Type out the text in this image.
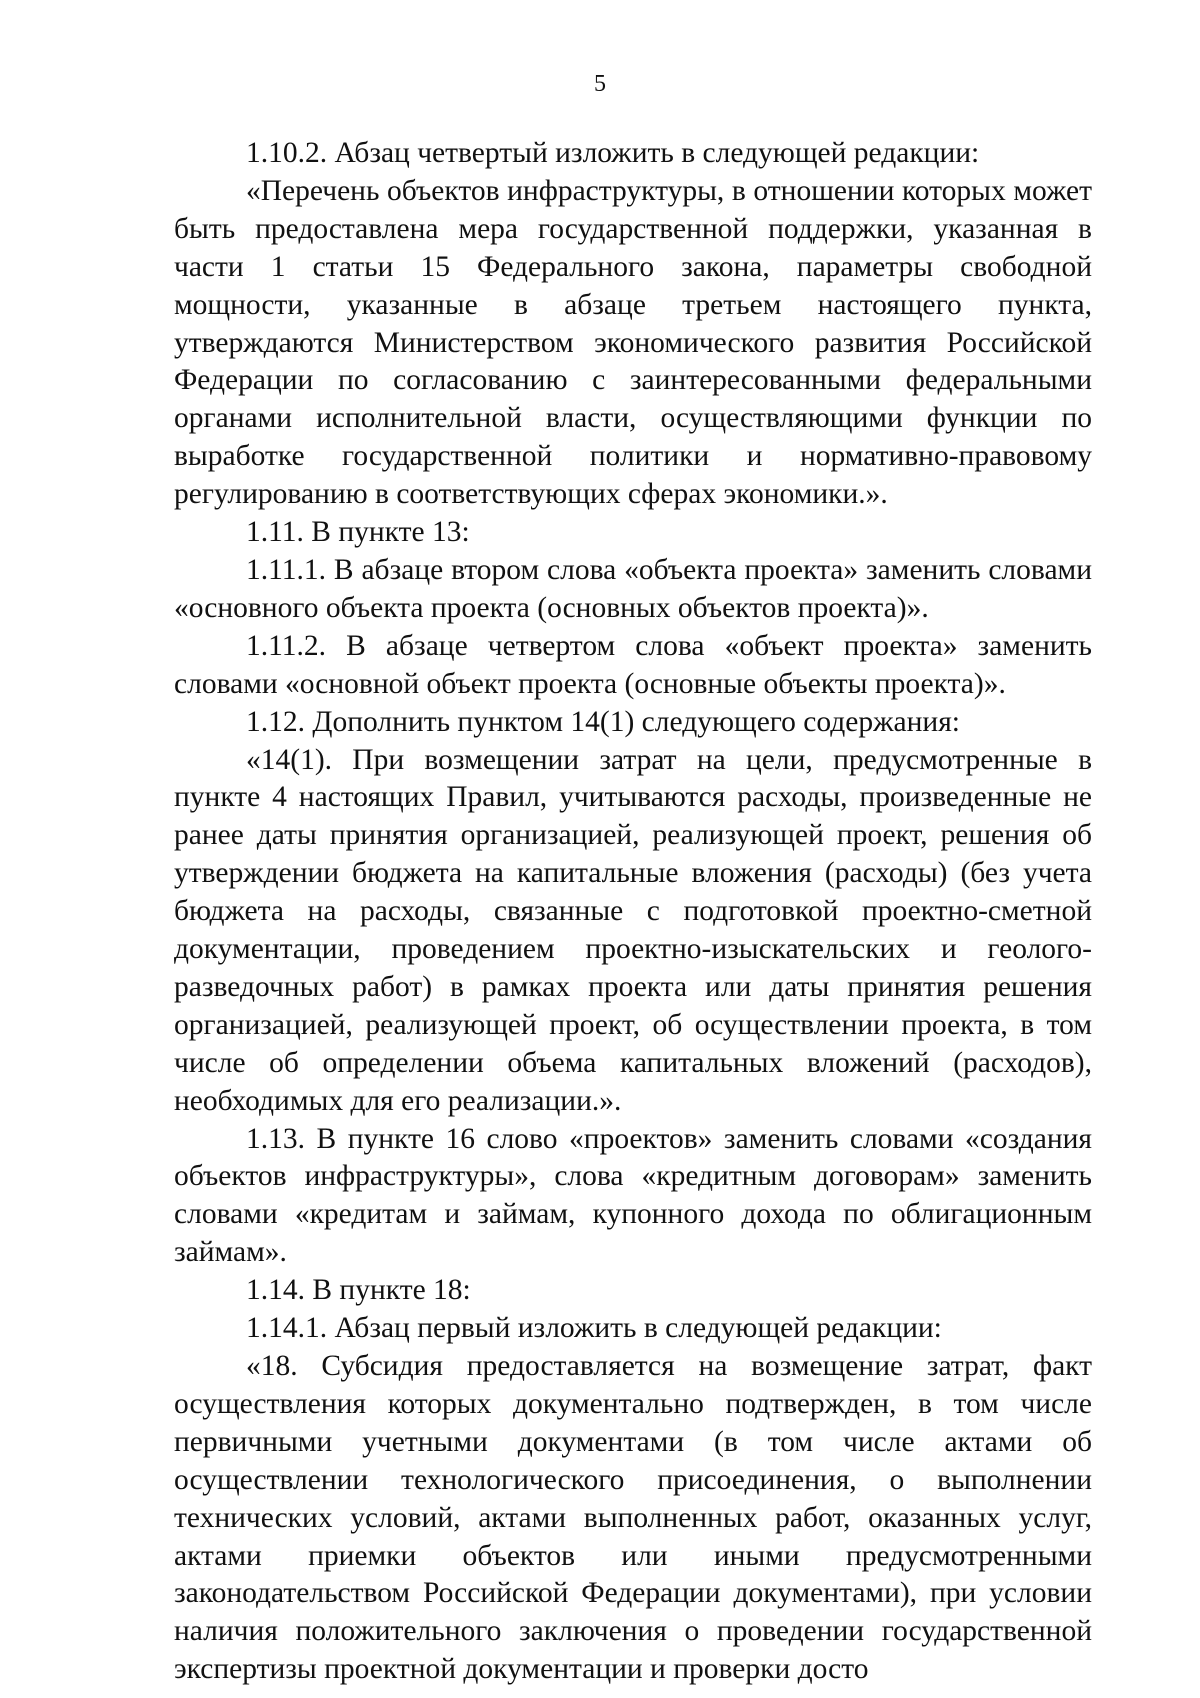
5

1.10.2. Абзац четвертый изложить в следующей редакции:

«Перечень объектов инфраструктуры, в отношении которых может быть предоставлена мера государственной поддержки, указанная в части 1 статьи 15 Федерального закона, параметры свободной мощности, указанные в абзаце третьем настоящего пункта, утверждаются Министерством экономического развития Российской Федерации по согласованию с заинтересованными федеральными органами исполнительной власти, осуществляющими функции по выработке государственной политики и нормативно-правовому регулированию в соответствующих сферах экономики.».

1.11. В пункте 13:

1.11.1. В абзаце втором слова «объекта проекта» заменить словами «основного объекта проекта (основных объектов проекта)».

1.11.2. В абзаце четвертом слова «объект проекта» заменить словами «основной объект проекта (основные объекты проекта)».

1.12. Дополнить пунктом 14(1) следующего содержания:

«14(1). При возмещении затрат на цели, предусмотренные в пункте 4 настоящих Правил, учитываются расходы, произведенные не ранее даты принятия организацией, реализующей проект, решения об утверждении бюджета на капитальные вложения (расходы) (без учета бюджета на расходы, связанные с подготовкой проектно-сметной документации, проведением проектно-изыскательских и геолого-разведочных работ) в рамках проекта или даты принятия решения организацией, реализующей проект, об осуществлении проекта, в том числе об определении объема капитальных вложений (расходов), необходимых для его реализации.».

1.13. В пункте 16 слово «проектов» заменить словами «создания объектов инфраструктуры», слова «кредитным договорам» заменить словами «кредитам и займам, купонного дохода по облигационным займам».

1.14. В пункте 18:

1.14.1. Абзац первый изложить в следующей редакции:

«18. Субсидия предоставляется на возмещение затрат, факт осуществления которых документально подтвержден, в том числе первичными учетными документами (в том числе актами об осуществлении технологического присоединения, о выполнении технических условий, актами выполненных работ, оказанных услуг, актами приемки объектов или иными предусмотренными законодательством Российской Федерации документами), при условии наличия положительного заключения о проведении государственной экспертизы проектной документации и проверки досто
